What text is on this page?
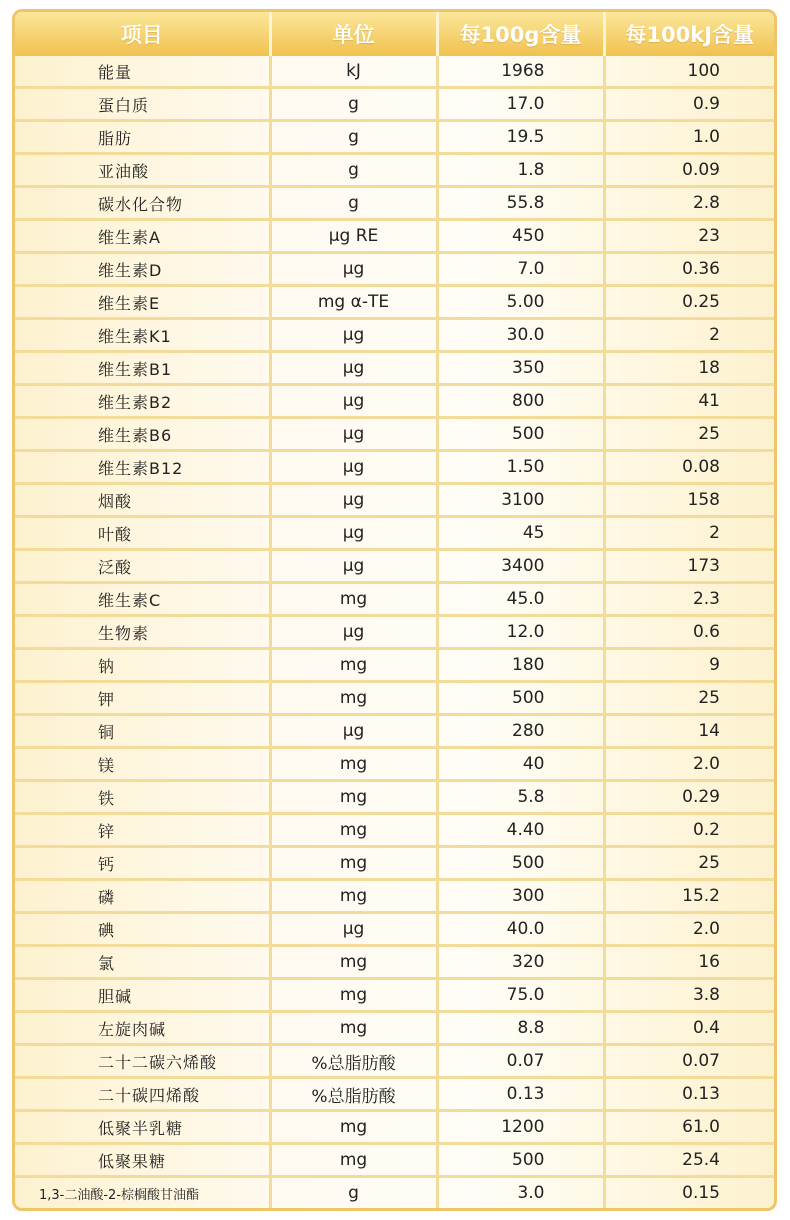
项目	单位	每100g含量	每100kJ含量
能量	kJ	1968	100
蛋白质	g	17.0	0.9
脂肪	g	19.5	1.0
亚油酸	g	1.8	0.09
碳水化合物	g	55.8	2.8
维生素A	μg RE	450	23
维生素D	μg	7.0	0.36
维生素E	mg α-TE	5.00	0.25
维生素K1	μg	30.0	2
维生素B1	μg	350	18
维生素B2	μg	800	41
维生素B6	μg	500	25
维生素B12	μg	1.50	0.08
烟酸	μg	3100	158
叶酸	μg	45	2
泛酸	μg	3400	173
维生素C	mg	45.0	2.3
生物素	μg	12.0	0.6
钠	mg	180	9
钾	mg	500	25
铜	μg	280	14
镁	mg	40	2.0
铁	mg	5.8	0.29
锌	mg	4.40	0.2
钙	mg	500	25
磷	mg	300	15.2
碘	μg	40.0	2.0
氯	mg	320	16
胆碱	mg	75.0	3.8
左旋肉碱	mg	8.8	0.4
二十二碳六烯酸	%总脂肪酸	0.07	0.07
二十碳四烯酸	%总脂肪酸	0.13	0.13
低聚半乳糖	mg	1200	61.0
低聚果糖	mg	500	25.4
1,3-二油酸-2-棕榈酸甘油酯	g	3.0	0.15
